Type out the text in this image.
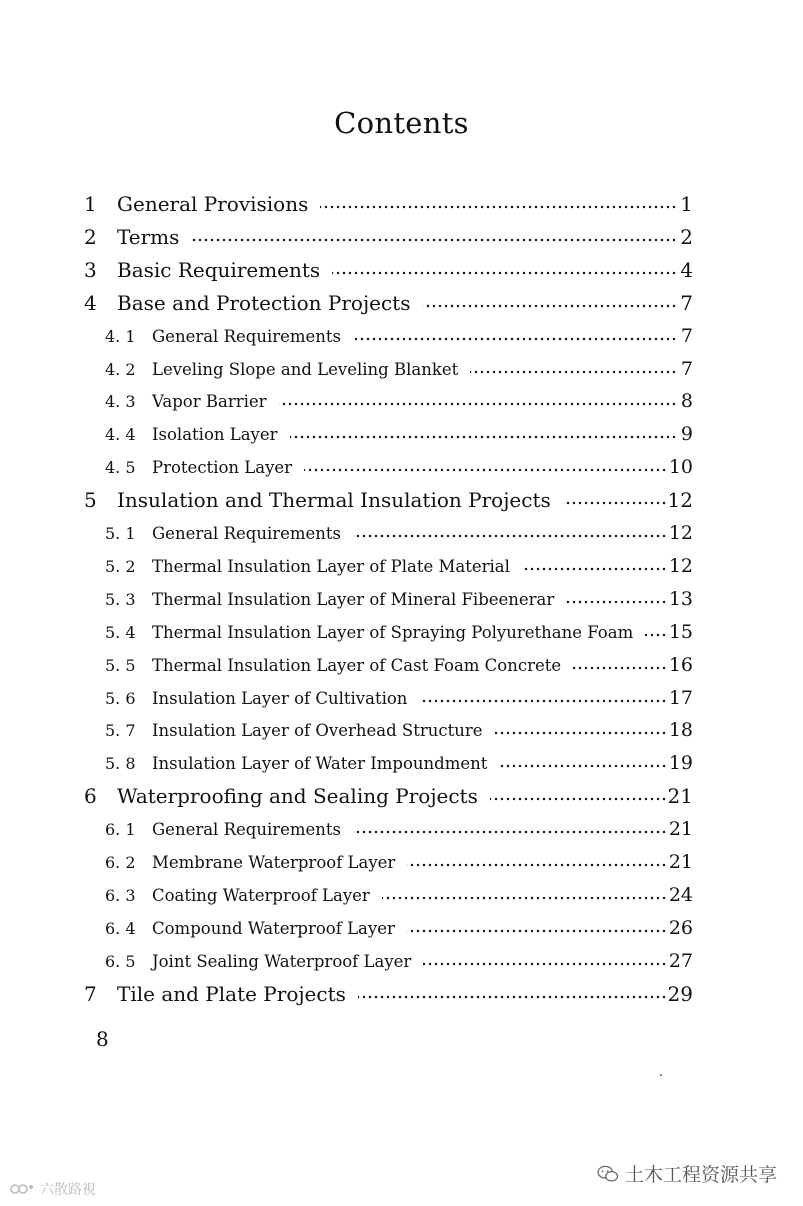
Contents
1 General Provisions	1
2 Terms	2
3 Basic Requirements	4
4 Base and Protection Projects	7
4. 1 General Requirements	7
4. 2 Leveling Slope and Leveling Blanket	7
4. 3 Vapor Barrier	8
4. 4 Isolation Layer	9
4. 5 Protection Layer	10
5 Insulation and Thermal Insulation Projects	12
5. 1 General Requirements	12
5. 2 Thermal Insulation Layer of Plate Material	12
5. 3 Thermal Insulation Layer of Mineral Fibeenerar	13
5. 4 Thermal Insulation Layer of Spraying Polyurethane Foam	15
5. 5 Thermal Insulation Layer of Cast Foam Concrete	16
5. 6 Insulation Layer of Cultivation	17
5. 7 Insulation Layer of Overhead Structure	18
5. 8 Insulation Layer of Water Impoundment	19
6 Waterproofing and Sealing Projects	21
6. 1 General Requirements	21
6. 2 Membrane Waterproof Layer	21
6. 3 Coating Waterproof Layer	24
6. 4 Compound Waterproof Layer	26
6. 5 Joint Sealing Waterproof Layer	27
7 Tile and Plate Projects	29
8
土木工程资源共享
六散路視
